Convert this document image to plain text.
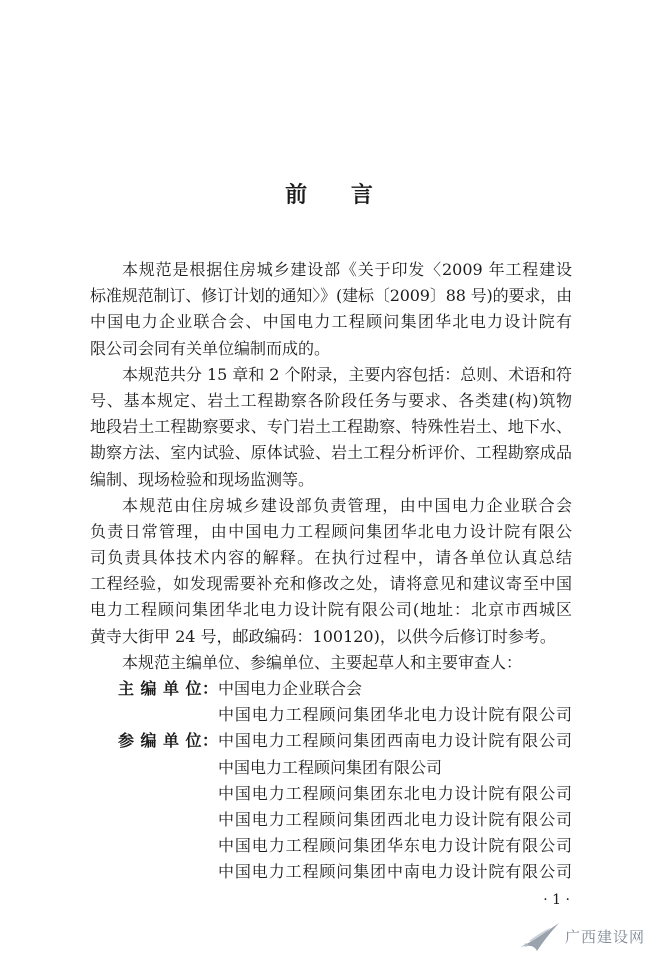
前 言
本规范是根据住房城乡建设部《关于印发〈2009 年工程建设
标准规范制订、修订计划的通知〉》(建标〔2009〕88 号)的要求，由
中国电力企业联合会、中国电力工程顾问集团华北电力设计院有
限公司会同有关单位编制而成的。
本规范共分 15 章和 2 个附录，主要内容包括：总则、术语和符
号、基本规定、岩土工程勘察各阶段任务与要求、各类建(构)筑物
地段岩土工程勘察要求、专门岩土工程勘察、特殊性岩土、地下水、
勘察方法、室内试验、原体试验、岩土工程分析评价、工程勘察成品
编制、现场检验和现场监测等。
本规范由住房城乡建设部负责管理，由中国电力企业联合会
负责日常管理，由中国电力工程顾问集团华北电力设计院有限公
司负责具体技术内容的解释。在执行过程中，请各单位认真总结
工程经验，如发现需要补充和修改之处，请将意见和建议寄至中国
电力工程顾问集团华北电力设计院有限公司(地址：北京市西城区
黄寺大街甲 24 号，邮政编码：100120)，以供今后修订时参考。
本规范主编单位、参编单位、主要起草人和主要审查人：
主 编 单 位： 中国电力企业联合会
中国电力工程顾问集团华北电力设计院有限公司
参 编 单 位： 中国电力工程顾问集团西南电力设计院有限公司
中国电力工程顾问集团有限公司
中国电力工程顾问集团东北电力设计院有限公司
中国电力工程顾问集团西北电力设计院有限公司
中国电力工程顾问集团华东电力设计院有限公司
中国电力工程顾问集团中南电力设计院有限公司
· 1 ·
广西建设网
